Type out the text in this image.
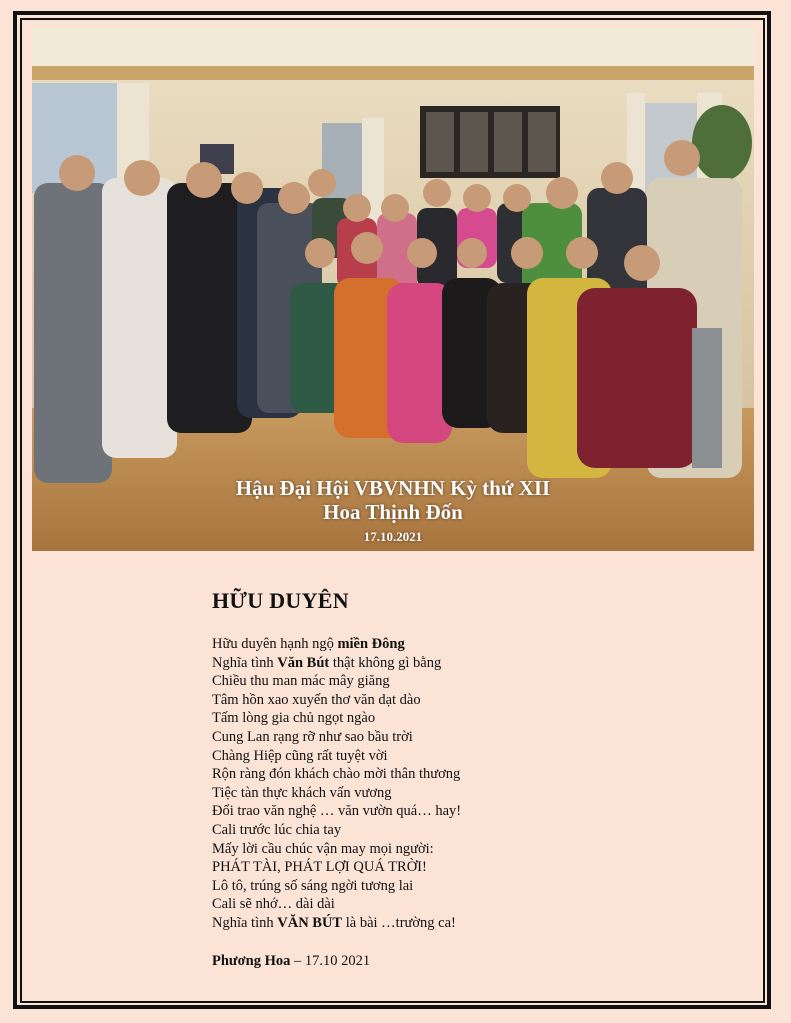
Hậu Đại Hội VBVNHN Kỳ thứ XII
Hoa Thịnh Đốn
17.10.2021
HỮU DUYÊN
Hữu duyên hạnh ngộ miền Đông
Nghĩa tình Văn Bút thật không gì bằng
Chiều thu man mác mây giăng
Tâm hồn xao xuyến thơ văn dạt dào
Tấm lòng gia chủ ngọt ngào
Cung Lan rạng rỡ như sao bầu trời
Chàng Hiệp cũng rất tuyệt vời
Rộn ràng đón khách chào mời thân thương
Tiệc tàn thực khách vấn vương
Đổi trao văn nghệ … văn vườn quá… hay!
Cali trước lúc chia tay
Mấy lời cầu chúc vận may mọi người:
PHÁT TÀI, PHÁT LỢI QUÁ TRỜI!
Lô tô, trúng số sáng ngời tương lai
Cali sẽ nhớ… dài dài
Nghĩa tình VĂN BÚT là bài …trường ca!
Phương Hoa – 17.10 2021
